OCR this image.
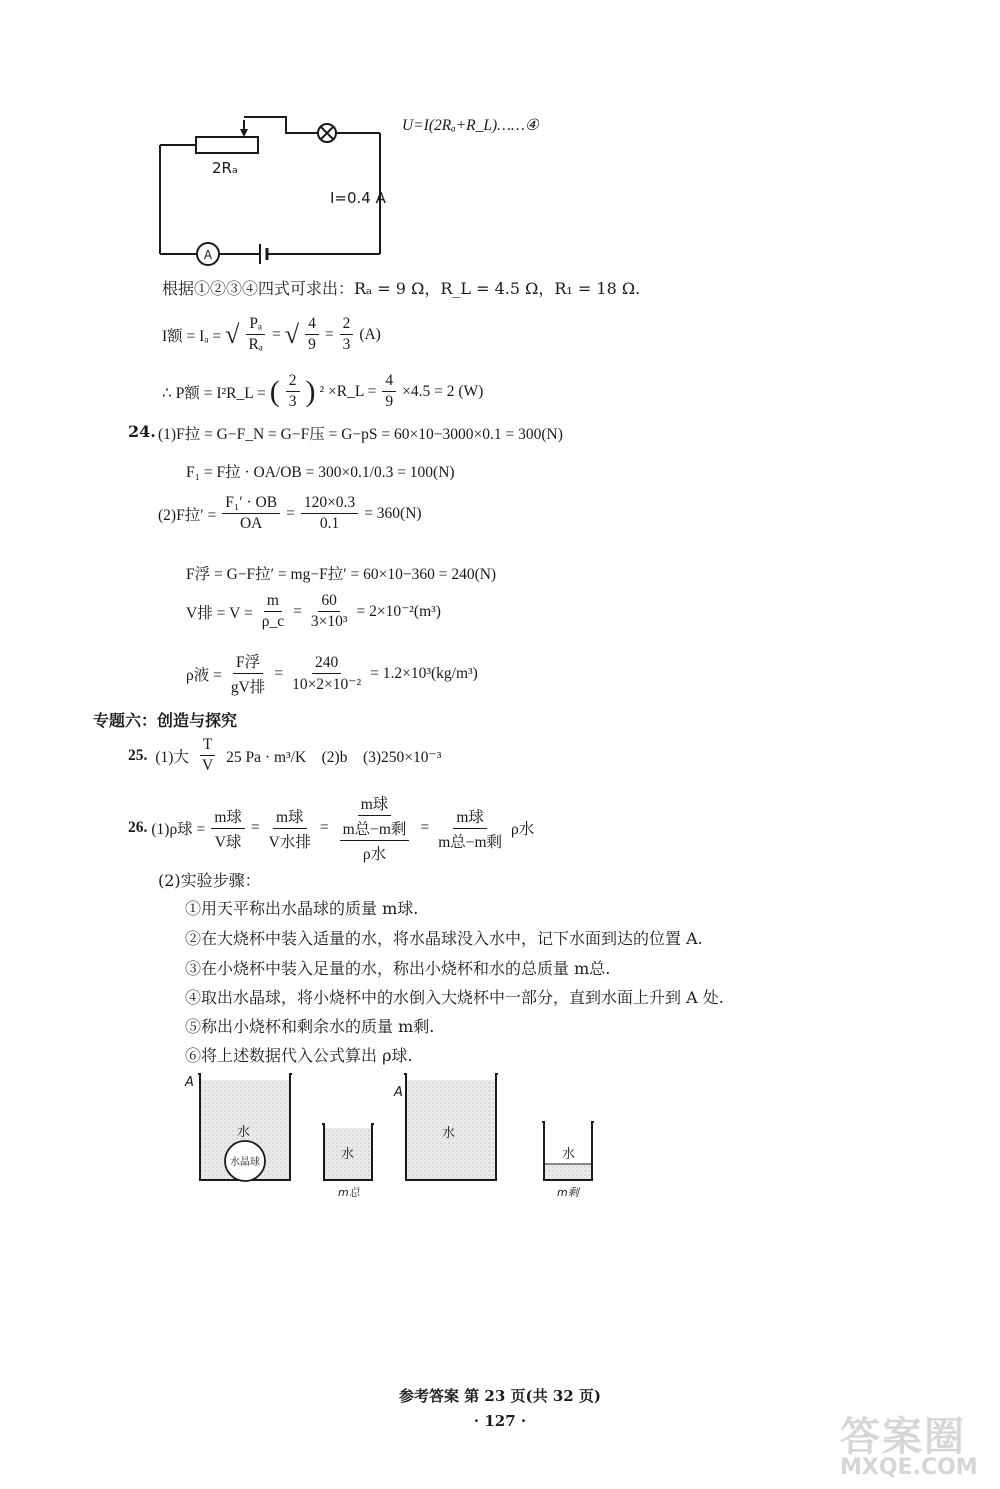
A
2Rₐ
I=0.4 A
U=I(2Rₐ+R_L)……④
根据①②③④四式可求出：Rₐ = 9 Ω，R_L = 4.5 Ω，R₁ = 18 Ω.
I额 = Iₐ = √ $\frac{\text{Pₐ}}{\text{Rₐ}}$ = √ $\frac{4}{9} = \frac{2}{3} (A)$
∴ P额 = I²R_L = ( $\frac{2}{3}$ ) ² ×R_L = $\frac{4}{9} \times 4.5 = 2$ (W)
24. (1)F拉 = G−F_N = G−F压 = G−pS = 60×10−3000×0.1 = 300(N)
F₁ = F拉 · OA/OB = 300×0.1/0.3 = 100(N)
(2)F拉′ = $\frac{\text{F₁′ · OB}}{OA} = \frac{120\times 0.3}{0.1} = 360(N)$
F浮 = G−F拉′ = mg−F拉′ = 60×10−360 = 240(N)
V排 = $V = \frac{m}{\rho\_c} = \frac{60}{\text{3×10³}} = 2\times 10^{-2}(m^3)$
ρ液 = $\frac{\text{F浮}}{\text{gV排}} = \frac{240}{\text{10×2×10⁻²}} = 1.2\times 10^3(kg/m^3)$
专题六：创造与探究
25. (1)大 $\frac{T}{V} 25$ Pa · m³/K　(2)b　(3)250×10⁻³
26. (1)ρ球 = $\frac{\text{m球}}{\text{V球}} = \frac{\text{m球}}{\text{V水排}} = \frac{\text{m球}}{\frac{\text{m总−m剩}}{\text{ρ水}}} = \frac{\text{m球}}{\text{m总−m剩}}$ ρ水
(2)实验步骤：
①用天平称出水晶球的质量 m球.
②在大烧杯中装入适量的水，将水晶球没入水中，记下水面到达的位置 A.
③在小烧杯中装入足量的水，称出小烧杯和水的总质量 m总.
④取出水晶球，将小烧杯中的水倒入大烧杯中一部分，直到水面上升到 A 处.
⑤称出小烧杯和剩余水的质量 m剩.
⑥将上述数据代入公式算出 ρ球.
A
水
水晶球
水
m总
A
水
水
m剩
参考答案 第 23 页(共 32 页)
· 127 ·	答案圈
MXQE.COM
